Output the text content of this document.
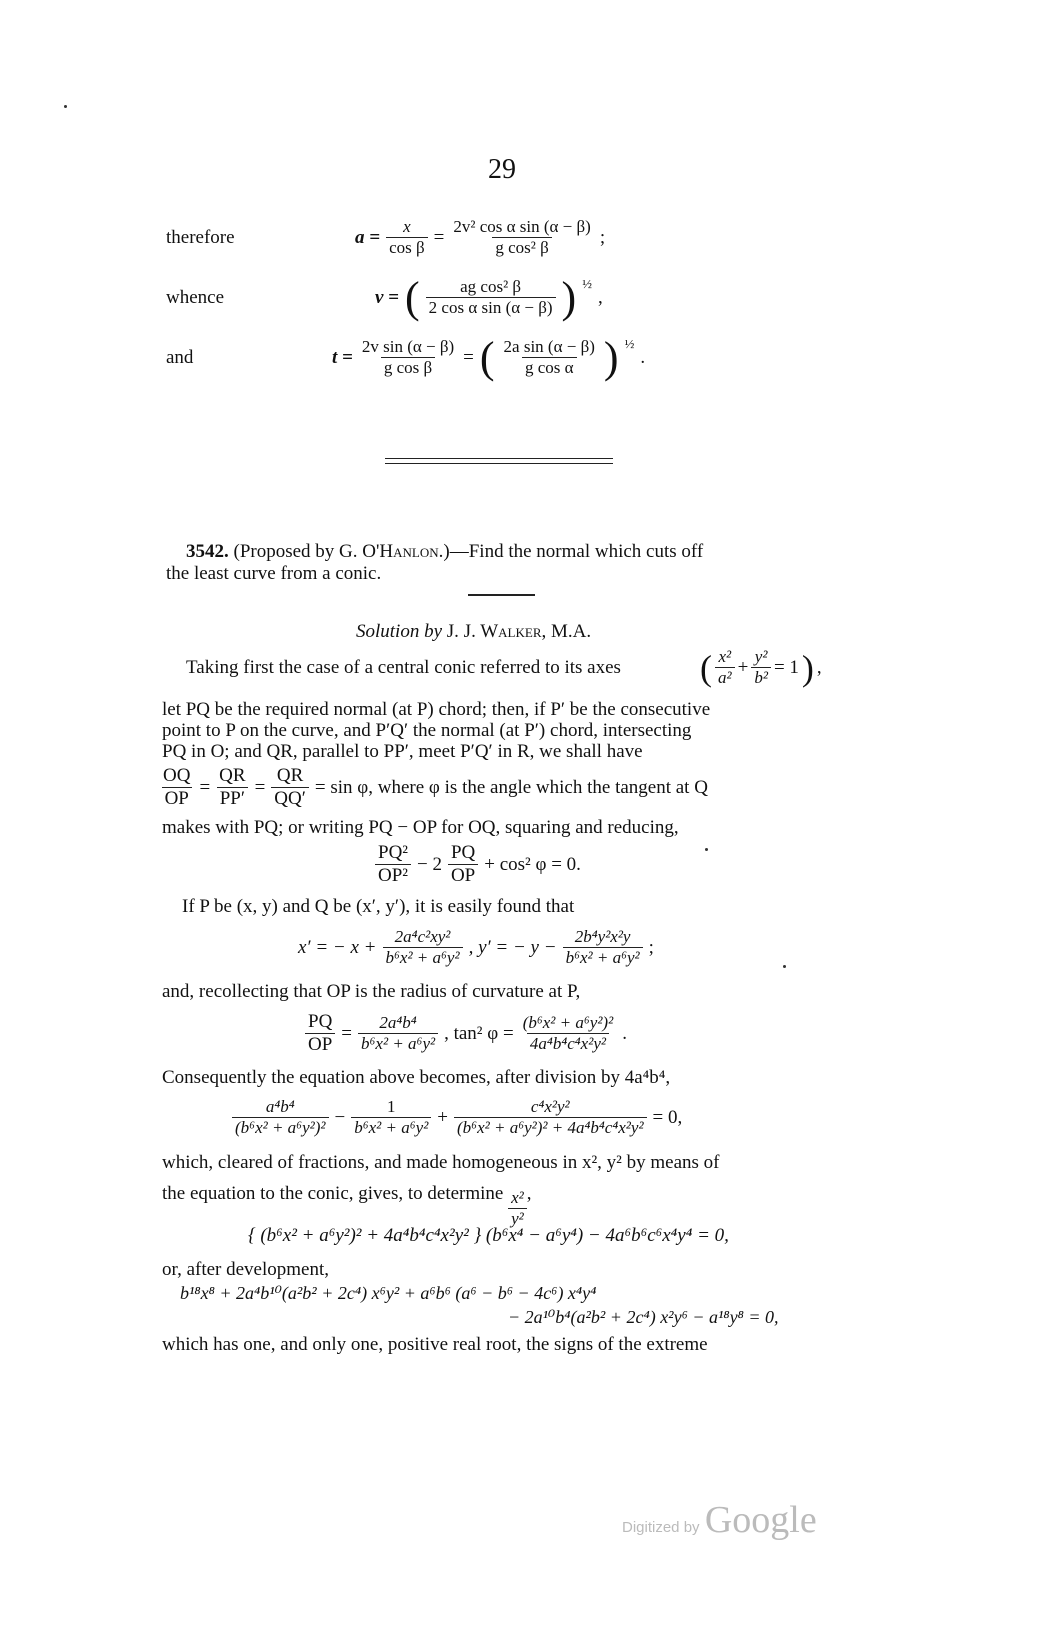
29
therefore	$a = \frac{x}{\text{cos β}} = \frac{\text{2v² cos α sin (α − β)}}{\text{g cos² β}}$ ;
whence	v = ( $\frac{\text{ag cos² β}}{\text{2 cos α sin (α − β)}}$ ) ½
,
and	$t = \frac{\text{2v sin (α − β)}}{\text{g cos β}}$ = ( $\frac{\text{2a sin (α − β)}}{\text{g cos α}}$ ) ½
.
3542. (Proposed by G. O'Hanlon.)—Find the normal which cuts off
the least curve from a conic.
Solution by J. J. Walker, M.A.
Taking first the case of a central conic referred to its axes ( $\frac{\text{x²}}{\text{a²}} + \frac{\text{y²}}{\text{b²}} = 1$ ) ,
let PQ be the required normal (at P) chord; then, if P′ be the consecutive
point to P on the curve, and P′Q′ the normal (at P′) chord, intersecting
PQ in O; and QR, parallel to PP′, meet P′Q′ in R, we shall have
$\frac{OQ}{OP} = \frac{QR}{PP'} = \frac{QR}{QQ'} = \sin \varphi$, where φ is the angle which the tangent at Q
makes with PQ; or writing PQ − OP for OQ, squaring and reducing,
$\frac{\text{PQ²}}{\text{OP²}} - 2 \frac{PQ}{OP} + \cos^2$ φ = 0.
If P be (x, y) and Q be (x′, y′), it is easily found that
x′ = − $x + \frac{\text{2a⁴c²xy²}}{\text{b⁶x² + a⁶y²}}$ , y′ = − $y - \frac{\text{2b⁴y²x²y}}{\text{b⁶x² + a⁶y²}}$ ;
and, recollecting that OP is the radius of curvature at P,
$\frac{PQ}{OP} = \frac{\text{2a⁴b⁴}}{\text{b⁶x² + a⁶y²}}$ , tan² $\varphi = \frac{\text{(b⁶x² + a⁶y²)²}}{\text{4a⁴b⁴c⁴x²y²}}$ .
Consequently the equation above becomes, after division by 4a⁴b⁴,
$\frac{\text{a⁴b⁴}}{\text{(b⁶x² + a⁶y²)²}} - \frac{1}{\text{b⁶x² + a⁶y²}} + \frac{\text{c⁴x²y²}}{\text{(b⁶x² + a⁶y²)² + 4a⁴b⁴c⁴x²y²}} = 0$,
which, cleared of fractions, and made homogeneous in x², y² by means of
the equation to the conic, gives, to determine $\frac{\text{x²}}{\text{y²}}$ ,
{ (b⁶x² + a⁶y²)² + 4a⁴b⁴c⁴x²y² } (b⁶x⁴ − a⁶y⁴) − 4a⁶b⁶c⁶x⁴y⁴ = 0,
or, after development,
b¹⁸x⁸ + 2a⁴b¹⁰(a²b² + 2c⁴) x⁶y² + a⁶b⁶ (a⁶ − b⁶ − 4c⁶) x⁴y⁴
− 2a¹⁰b⁴(a²b² + 2c⁴) x²y⁶ − a¹⁸y⁸ = 0,
which has one, and only one, positive real root, the signs of the extreme
Digitized by Google
